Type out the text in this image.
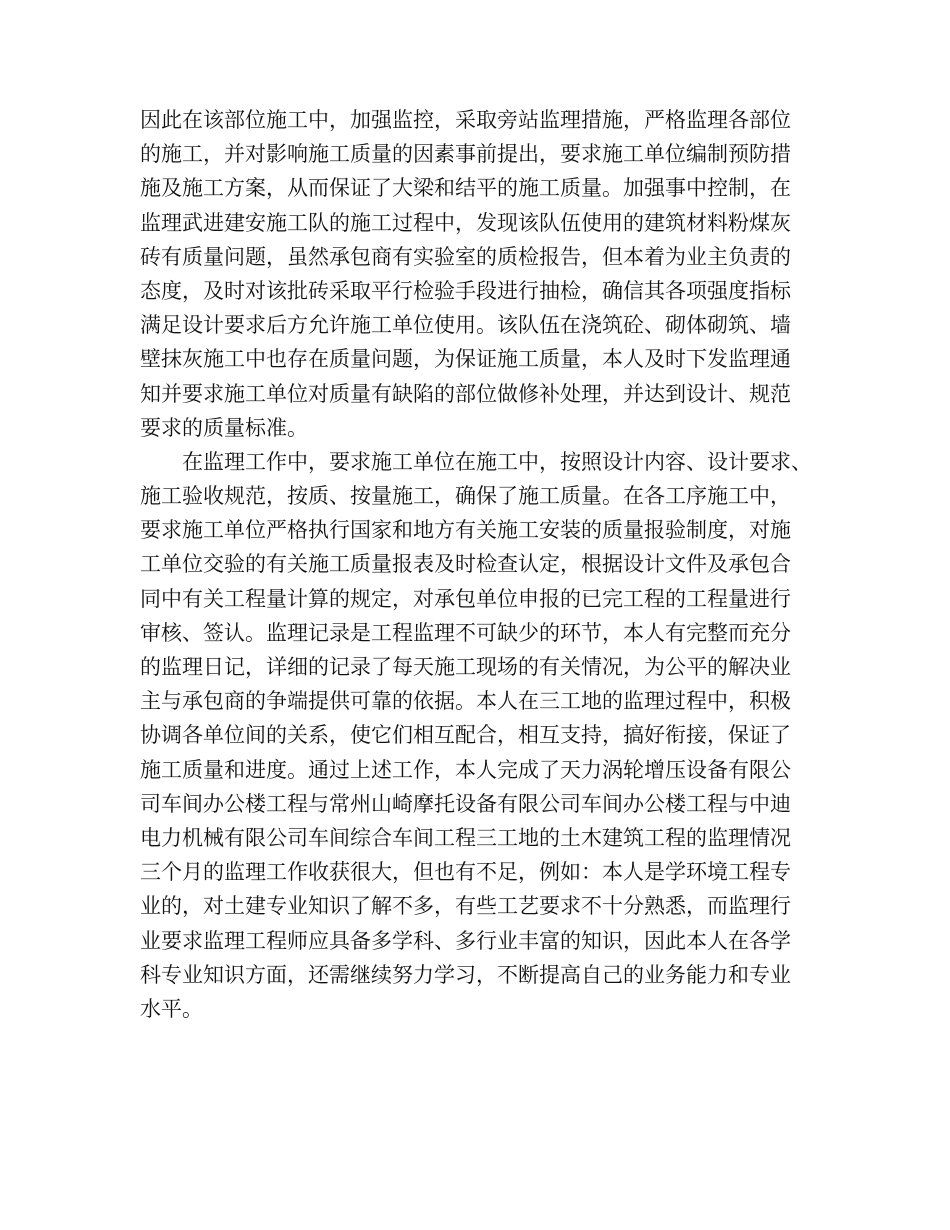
因此在该部位施工中，加强监控，采取旁站监理措施，严格监理各部位
的施工，并对影响施工质量的因素事前提出，要求施工单位编制预防措
施及施工方案，从而保证了大梁和结平的施工质量。加强事中控制，在
监理武进建安施工队的施工过程中，发现该队伍使用的建筑材料粉煤灰
砖有质量问题，虽然承包商有实验室的质检报告，但本着为业主负责的
态度，及时对该批砖采取平行检验手段进行抽检，确信其各项强度指标
满足设计要求后方允许施工单位使用。该队伍在浇筑砼、砌体砌筑、墙
壁抹灰施工中也存在质量问题，为保证施工质量，本人及时下发监理通
知并要求施工单位对质量有缺陷的部位做修补处理，并达到设计、规范
要求的质量标准。
在监理工作中，要求施工单位在施工中，按照设计内容、设计要求、
施工验收规范，按质、按量施工，确保了施工质量。在各工序施工中，
要求施工单位严格执行国家和地方有关施工安装的质量报验制度，对施
工单位交验的有关施工质量报表及时检查认定，根据设计文件及承包合
同中有关工程量计算的规定，对承包单位申报的已完工程的工程量进行
审核、签认。监理记录是工程监理不可缺少的环节，本人有完整而充分
的监理日记，详细的记录了每天施工现场的有关情况，为公平的解决业
主与承包商的争端提供可靠的依据。本人在三工地的监理过程中，积极
协调各单位间的关系，使它们相互配合，相互支持，搞好衔接，保证了
施工质量和进度。通过上述工作，本人完成了天力涡轮增压设备有限公
司车间办公楼工程与常州山崎摩托设备有限公司车间办公楼工程与中迪
电力机械有限公司车间综合车间工程三工地的土木建筑工程的监理情况
三个月的监理工作收获很大，但也有不足，例如：本人是学环境工程专
业的，对土建专业知识了解不多，有些工艺要求不十分熟悉，而监理行
业要求监理工程师应具备多学科、多行业丰富的知识，因此本人在各学
科专业知识方面，还需继续努力学习，不断提高自己的业务能力和专业
水平。
